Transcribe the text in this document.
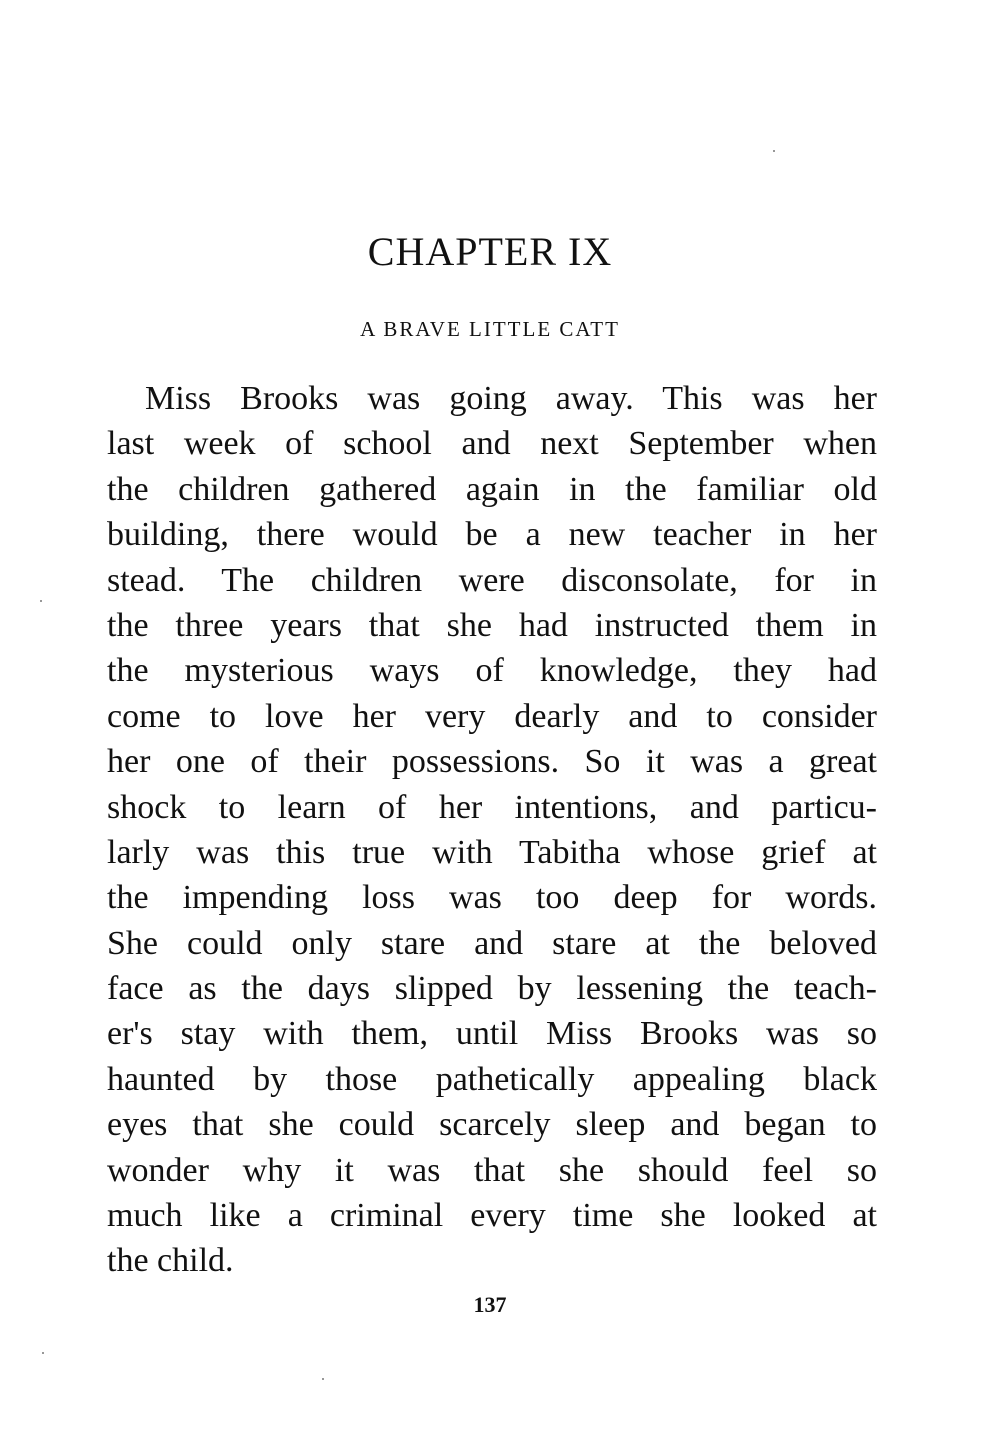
CHAPTER IX
A BRAVE LITTLE CATT
Miss Brooks was going away. This was her
last week of school and next September when
the children gathered again in the familiar old
building, there would be a new teacher in her
stead. The children were disconsolate, for in
the three years that she had instructed them in
the mysterious ways of knowledge, they had
come to love her very dearly and to consider
her one of their possessions. So it was a great
shock to learn of her intentions, and particu-
larly was this true with Tabitha whose grief at
the impending loss was too deep for words.
She could only stare and stare at the beloved
face as the days slipped by lessening the teach-
er's stay with them, until Miss Brooks was so
haunted by those pathetically appealing black
eyes that she could scarcely sleep and began to
wonder why it was that she should feel so
much like a criminal every time she looked at
the child.
137
